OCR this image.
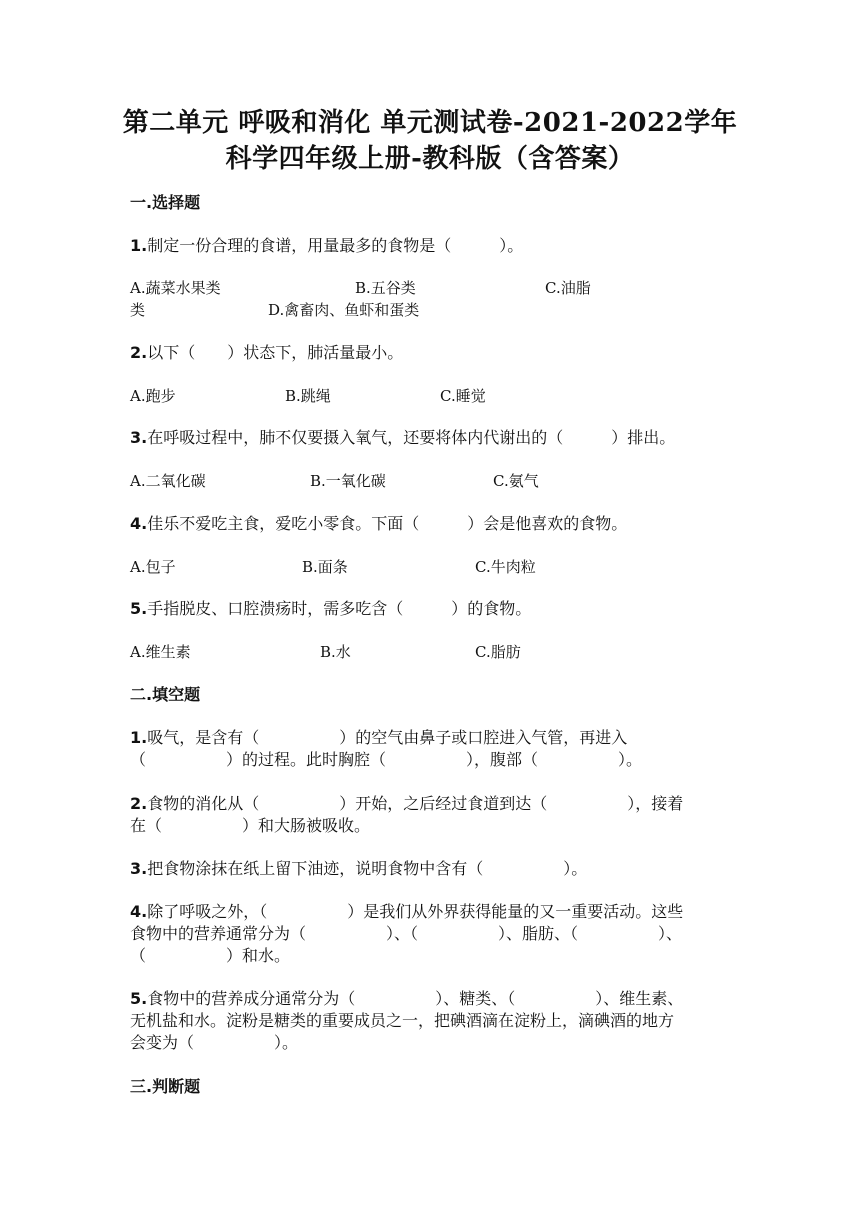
第二单元 呼吸和消化 单元测试卷-2021-2022学年
科学四年级上册-教科版（含答案）
一.选择题
1.制定一份合理的食谱，用量最多的食物是（　　　）。
A.蔬菜水果类	B.五谷类	C.油脂
类	D.禽畜肉、鱼虾和蛋类
2.以下（　　）状态下，肺活量最小。
A.跑步	B.跳绳	C.睡觉
3.在呼吸过程中，肺不仅要摄入氧气，还要将体内代谢出的（　　　）排出。
A.二氧化碳	B.一氧化碳	C.氨气
4.佳乐不爱吃主食，爱吃小零食。下面（　　　）会是他喜欢的食物。
A.包子	B.面条	C.牛肉粒
5.手指脱皮、口腔溃疡时，需多吃含（　　　）的食物。
A.维生素	B.水	C.脂肪
二.填空题
1.吸气，是含有（　　　　　）的空气由鼻子或口腔进入气管，再进入
（　　　　　）的过程。此时胸腔（　　　　　），腹部（　　　　　）。
2.食物的消化从（　　　　　）开始，之后经过食道到达（　　　　　），接着
在（　　　　　）和大肠被吸收。
3.把食物涂抹在纸上留下油迹，说明食物中含有（　　　　　）。
4.除了呼吸之外，（　　　　　）是我们从外界获得能量的又一重要活动。这些
食物中的营养通常分为（　　　　　）、（　　　　　）、脂肪、（　　　　　）、
（　　　　　）和水。
5.食物中的营养成分通常分为（　　　　　）、糖类、（　　　　　）、维生素、
无机盐和水。淀粉是糖类的重要成员之一，把碘酒滴在淀粉上，滴碘酒的地方
会变为（　　　　　）。
三.判断题
